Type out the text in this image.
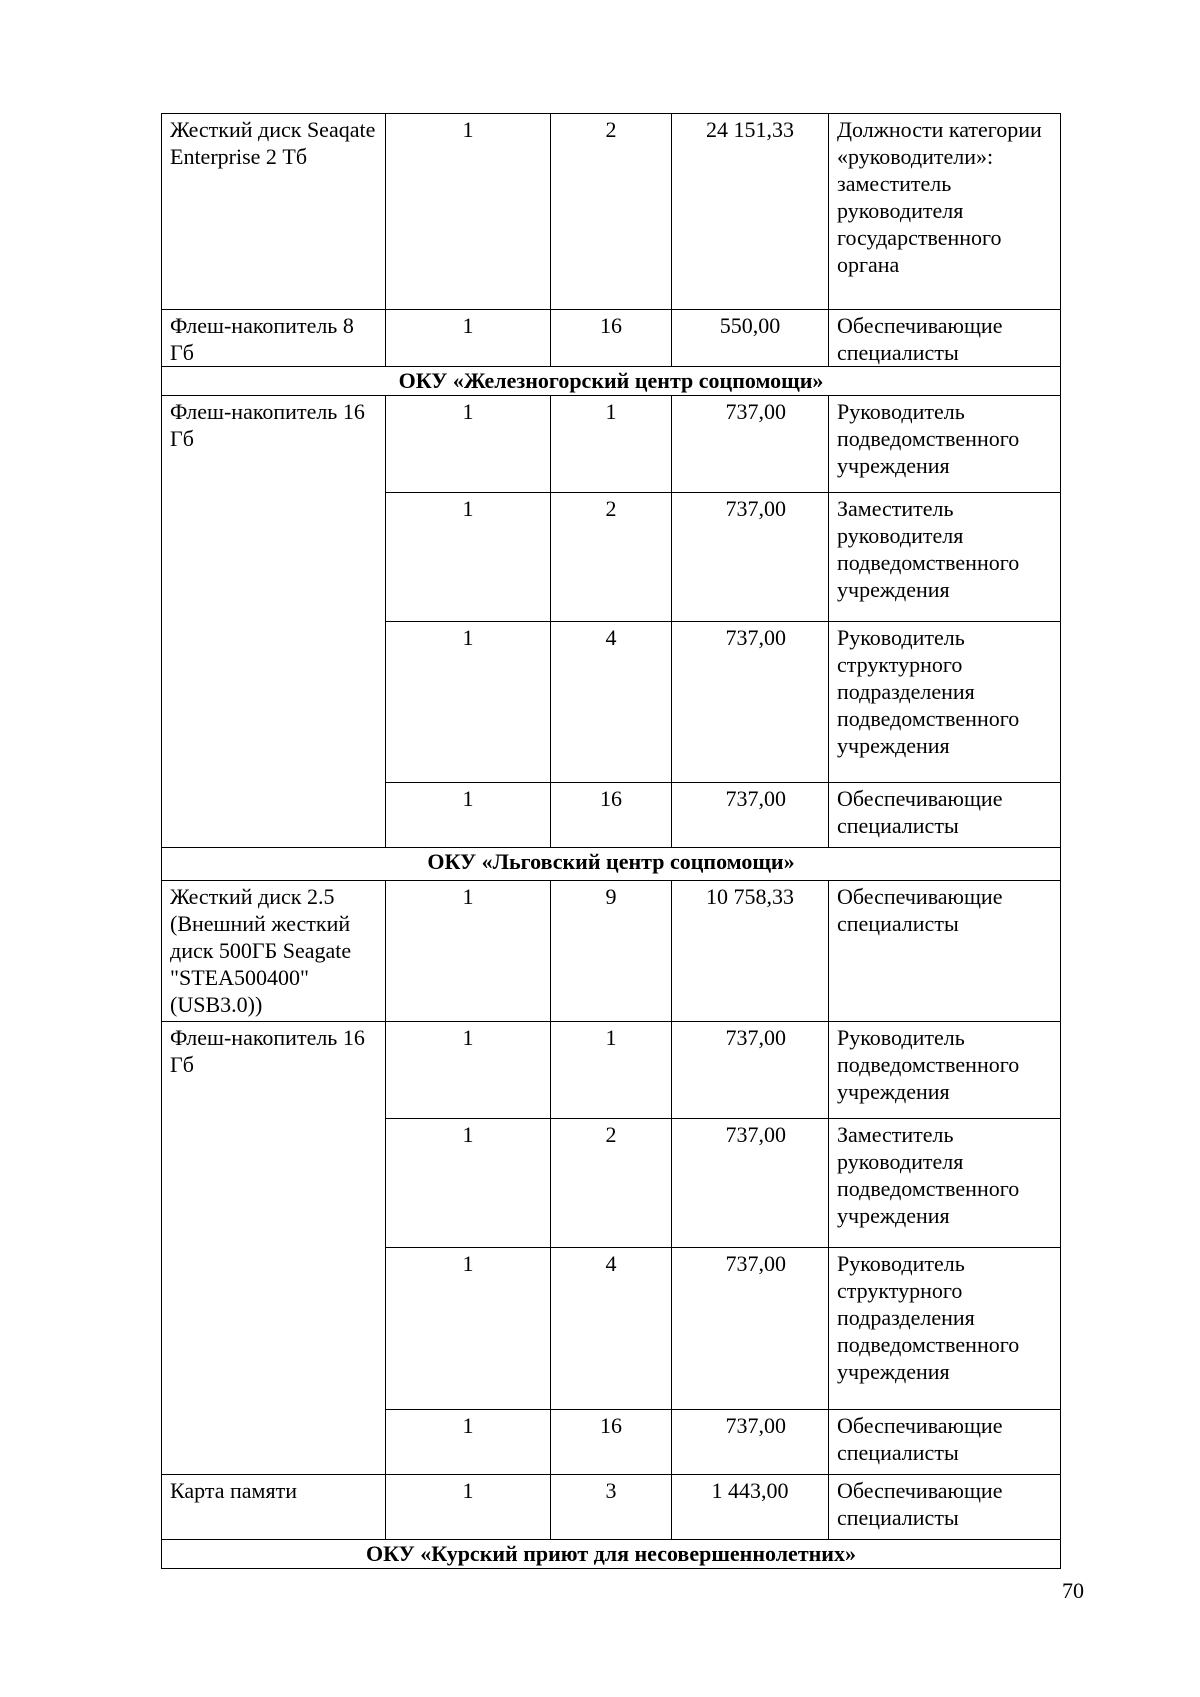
Жесткий диск Seaqate Enterprise 2 Тб	1	2	24 151,33	Должности категории «руководители»: заместитель руководителя государственного органа
Флеш-накопитель 8 Гб	1	16	550,00	Обеспечивающие специалисты
ОКУ «Железногорский центр соцпомощи»				
Флеш-накопитель 16 Гб	1	1	737,00	Руководитель подведомственного учреждения
	1	2	737,00	Заместитель руководителя подведомственного учреждения
	1	4	737,00	Руководитель структурного подразделения подведомственного учреждения
	1	16	737,00	Обеспечивающие специалисты
ОКУ «Льговский центр соцпомощи»				
Жесткий диск 2.5 (Внешний жесткий диск 500ГБ Seagate "STEA500400" (USB3.0))	1	9	10 758,33	Обеспечивающие специалисты
Флеш-накопитель 16 Гб	1	1	737,00	Руководитель подведомственного учреждения
	1	2	737,00	Заместитель руководителя подведомственного учреждения
	1	4	737,00	Руководитель структурного подразделения подведомственного учреждения
	1	16	737,00	Обеспечивающие специалисты
Карта памяти	1	3	1 443,00	Обеспечивающие специалисты
ОКУ «Курский приют для несовершеннолетних»				
70
